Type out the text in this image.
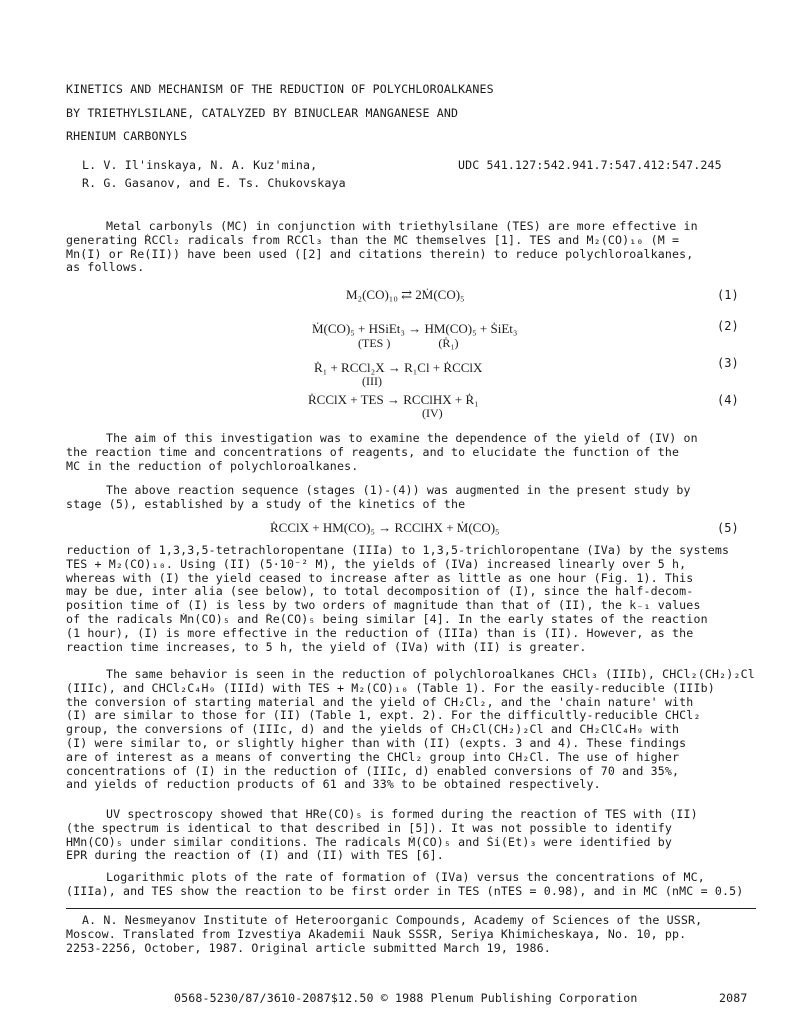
KINETICS AND MECHANISM OF THE REDUCTION OF POLYCHLOROALKANES
BY TRIETHYLSILANE, CATALYZED BY BINUCLEAR MANGANESE AND
RHENIUM CARBONYLS
L. V. Il'inskaya, N. A. Kuz'mina,
R. G. Gasanov, and E. Ts. Chukovskaya
UDC 541.127:542.941.7:547.412:547.245
Metal carbonyls (MC) in conjunction with triethylsilane (TES) are more effective in
generating ṘCCl₂ radicals from RCCl₃ than the MC themselves [1]. TES and M₂(CO)₁₀ (M =
Mn(I) or Re(II)) have been used ([2] and citations therein) to reduce polychloroalkanes,
as follows.
M₂(CO)₁₀ ⇄ 2Ṁ(CO)₅	(1)
Ṁ(CO)₅ + HSiEt₃ → HM(CO)₅ + ṠiEt₃
(TES )                (Ṙ₁)
(2)
Ṙ₁ + RCCl₂X → R₁Cl + ṘCClX
(III)
(3)
ṘCClX + TES → RCClHX + Ṙ₁
(IV)
(4)
The aim of this investigation was to examine the dependence of the yield of (IV) on
the reaction time and concentrations of reagents, and to elucidate the function of the
MC in the reduction of polychloroalkanes.
The above reaction sequence (stages (1)-(4)) was augmented in the present study by
stage (5), established by a study of the kinetics of the
ṘCClX + HM(CO)₅ → RCClHX + Ṁ(CO)₅	(5)
reduction of 1,3,3,5-tetrachloropentane (IIIa) to 1,3,5-trichloropentane (IVa) by the systems
TES + M₂(CO)₁₀. Using (II) (5·10⁻² M), the yields of (IVa) increased linearly over 5 h,
whereas with (I) the yield ceased to increase after as little as one hour (Fig. 1). This
may be due, inter alia (see below), to total decomposition of (I), since the half-decom-
position time of (I) is less by two orders of magnitude than that of (II), the k₋₁ values
of the radicals Ṁn(CO)₅ and Ṙe(CO)₅ being similar [4]. In the early states of the reaction
(1 hour), (I) is more effective in the reduction of (IIIa) than is (II). However, as the
reaction time increases, to 5 h, the yield of (IVa) with (II) is greater.
The same behavior is seen in the reduction of polychloroalkanes CHCl₃ (IIIb), CHCl₂(CH₂)₂Cl
(IIIc), and CHCl₂C₄H₉ (IIId) with TES + M₂(CO)₁₀ (Table 1). For the easily-reducible (IIIb)
the conversion of starting material and the yield of CH₂Cl₂, and the 'chain nature' with
(I) are similar to those for (II) (Table 1, expt. 2). For the difficultly-reducible CHCl₂
group, the conversions of (IIIc, d) and the yields of CH₂Cl(CH₂)₂Cl and CH₂ClC₄H₉ with
(I) were similar to, or slightly higher than with (II) (expts. 3 and 4). These findings
are of interest as a means of converting the CHCl₂ group into CH₂Cl. The use of higher
concentrations of (I) in the reduction of (IIIc, d) enabled conversions of 70 and 35%,
and yields of reduction products of 61 and 33% to be obtained respectively.
UV spectroscopy showed that HRe(CO)₅ is formed during the reaction of TES with (II)
(the spectrum is identical to that described in [5]). It was not possible to identify
HMn(CO)₅ under similar conditions. The radicals Ṁ(CO)₅ and Ṡi(Et)₃ were identified by
EPR during the reaction of (I) and (II) with TES [6].
Logarithmic plots of the rate of formation of (IVa) versus the concentrations of MC,
(IIIa), and TES show the reaction to be first order in TES (nTES = 0.98), and in MC (nMC = 0.5)
A. N. Nesmeyanov Institute of Heteroorganic Compounds, Academy of Sciences of the USSR,
Moscow. Translated from Izvestiya Akademii Nauk SSSR, Seriya Khimicheskaya, No. 10, pp.
2253-2256, October, 1987. Original article submitted March 19, 1986.
0568-5230/87/3610-2087$12.50 © 1988 Plenum Publishing Corporation	2087
